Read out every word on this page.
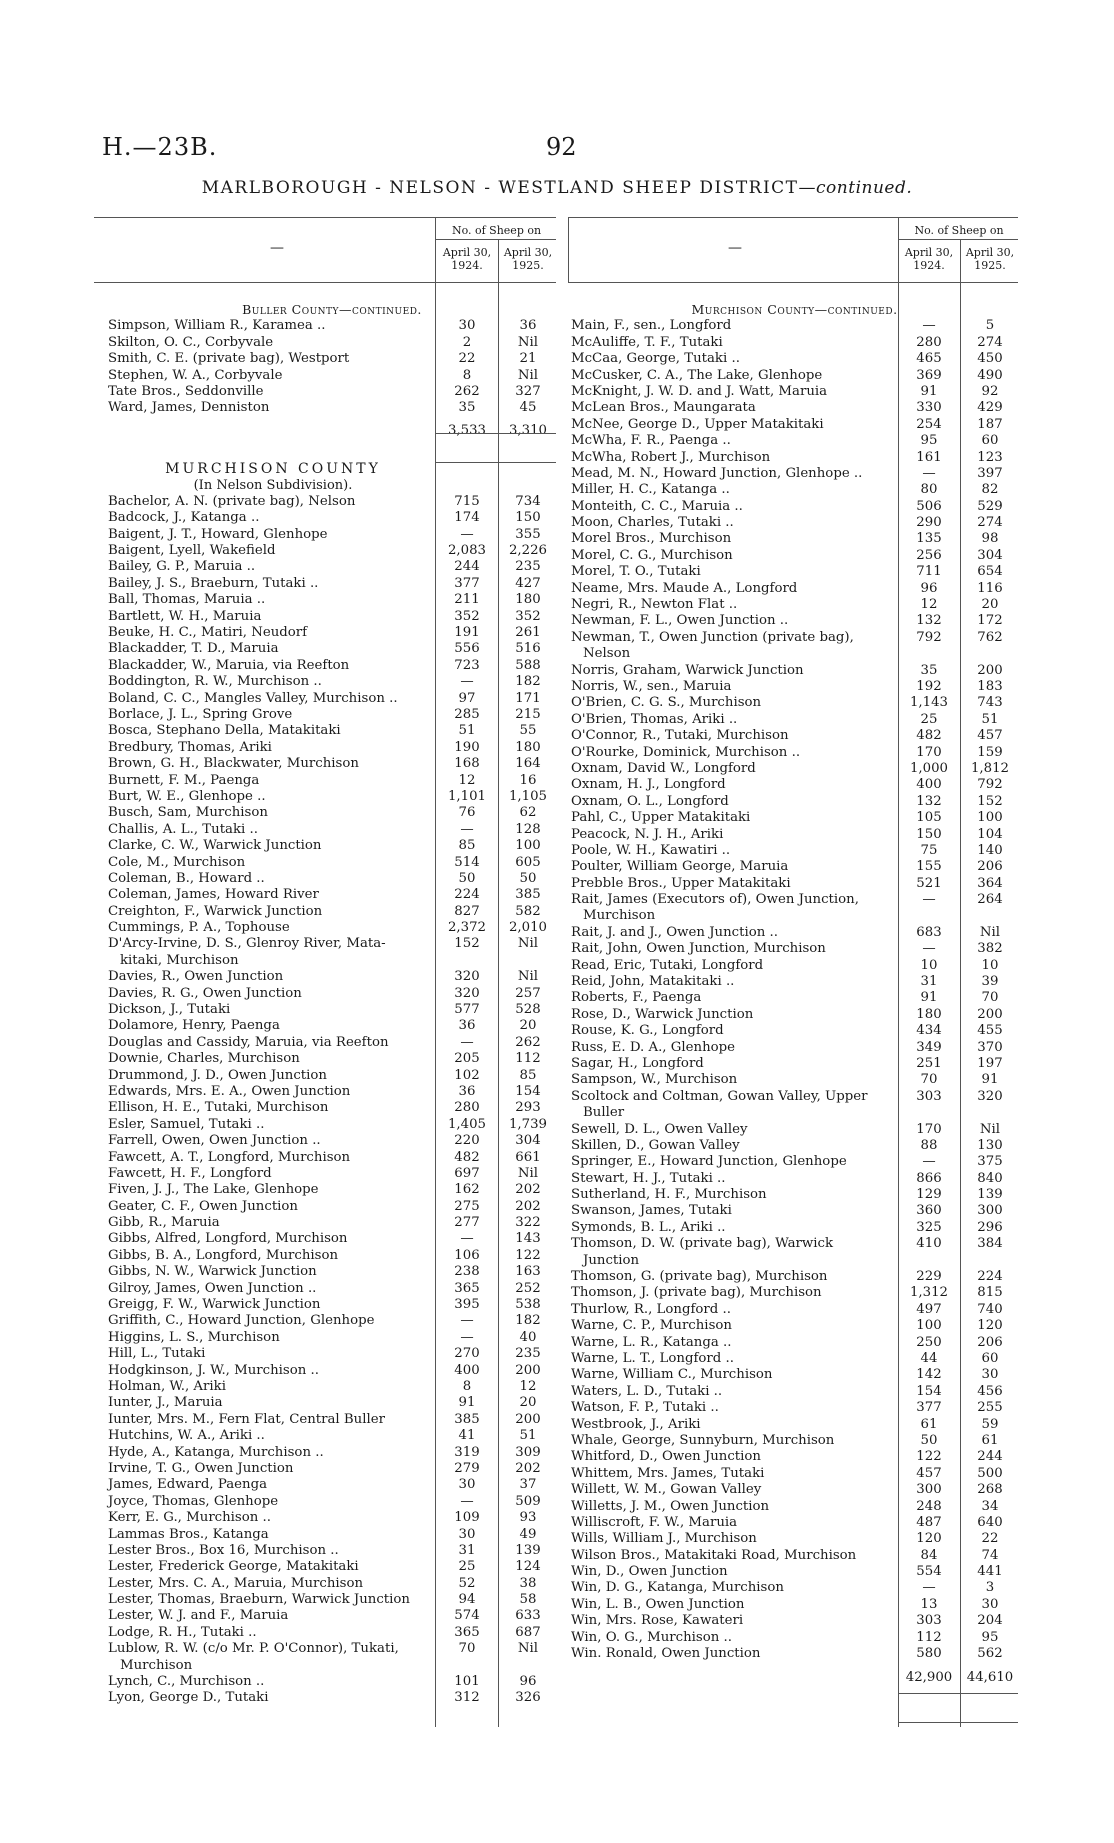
H.—23B.	92
MARLBOROUGH - NELSON - WESTLAND SHEEP DISTRICT—continued.
No. of Sheep on
April 30, 1924.
April 30, 1925.
—
No. of Sheep on
April 30, 1924.
April 30, 1925.
—
Buller County—continued.
Simpson, William R., Karamea ..	30	36
Skilton, O. C., Corbyvale	2	Nil
Smith, C. E. (private bag), Westport	22	21
Stephen, W. A., Corbyvale	8	Nil
Tate Bros., Seddonville	262	327
Ward, James, Denniston	35	45
3,533	3,310
MURCHISON COUNTY
(In Nelson Subdivision).
Bachelor, A. N. (private bag), Nelson	715	734
Badcock, J., Katanga ..	174	150
Baigent, J. T., Howard, Glenhope	—	355
Baigent, Lyell, Wakefield	2,083	2,226
Bailey, G. P., Maruia ..	244	235
Bailey, J. S., Braeburn, Tutaki ..	377	427
Ball, Thomas, Maruia ..	211	180
Bartlett, W. H., Maruia	352	352
Beuke, H. C., Matiri, Neudorf	191	261
Blackadder, T. D., Maruia	556	516
Blackadder, W., Maruia, via Reefton	723	588
Boddington, R. W., Murchison ..	—	182
Boland, C. C., Mangles Valley, Murchison ..	97	171
Borlace, J. L., Spring Grove	285	215
Bosca, Stephano Della, Matakitaki	51	55
Bredbury, Thomas, Ariki	190	180
Brown, G. H., Blackwater, Murchison	168	164
Burnett, F. M., Paenga	12	16
Burt, W. E., Glenhope ..	1,101	1,105
Busch, Sam, Murchison	76	62
Challis, A. L., Tutaki ..	—	128
Clarke, C. W., Warwick Junction	85	100
Cole, M., Murchison	514	605
Coleman, B., Howard ..	50	50
Coleman, James, Howard River	224	385
Creighton, F., Warwick Junction	827	582
Cummings, P. A., Tophouse	2,372	2,010
D'Arcy-Irvine, D. S., Glenroy River, Mata-	152	Nil
kitaki, Murchison
Davies, R., Owen Junction	320	Nil
Davies, R. G., Owen Junction	320	257
Dickson, J., Tutaki	577	528
Dolamore, Henry, Paenga	36	20
Douglas and Cassidy, Maruia, via Reefton	—	262
Downie, Charles, Murchison	205	112
Drummond, J. D., Owen Junction	102	85
Edwards, Mrs. E. A., Owen Junction	36	154
Ellison, H. E., Tutaki, Murchison	280	293
Esler, Samuel, Tutaki ..	1,405	1,739
Farrell, Owen, Owen Junction ..	220	304
Fawcett, A. T., Longford, Murchison	482	661
Fawcett, H. F., Longford	697	Nil
Fiven, J. J., The Lake, Glenhope	162	202
Geater, C. F., Owen Junction	275	202
Gibb, R., Maruia	277	322
Gibbs, Alfred, Longford, Murchison	—	143
Gibbs, B. A., Longford, Murchison	106	122
Gibbs, N. W., Warwick Junction	238	163
Gilroy, James, Owen Junction ..	365	252
Greigg, F. W., Warwick Junction	395	538
Griffith, C., Howard Junction, Glenhope	—	182
Higgins, L. S., Murchison	—	40
Hill, L., Tutaki	270	235
Hodgkinson, J. W., Murchison ..	400	200
Holman, W., Ariki	8	12
Iunter, J., Maruia	91	20
Iunter, Mrs. M., Fern Flat, Central Buller	385	200
Hutchins, W. A., Ariki ..	41	51
Hyde, A., Katanga, Murchison ..	319	309
Irvine, T. G., Owen Junction	279	202
James, Edward, Paenga	30	37
Joyce, Thomas, Glenhope	—	509
Kerr, E. G., Murchison ..	109	93
Lammas Bros., Katanga	30	49
Lester Bros., Box 16, Murchison ..	31	139
Lester, Frederick George, Matakitaki	25	124
Lester, Mrs. C. A., Maruia, Murchison	52	38
Lester, Thomas, Braeburn, Warwick Junction	94	58
Lester, W. J. and F., Maruia	574	633
Lodge, R. H., Tutaki ..	365	687
Lublow, R. W. (c/o Mr. P. O'Connor), Tukati,	70	Nil
Murchison
Lynch, C., Murchison ..	101	96
Lyon, George D., Tutaki	312	326
Murchison County—continued.
Main, F., sen., Longford	—	5
McAuliffe, T. F., Tutaki	280	274
McCaa, George, Tutaki ..	465	450
McCusker, C. A., The Lake, Glenhope	369	490
McKnight, J. W. D. and J. Watt, Maruia	91	92
McLean Bros., Maungarata	330	429
McNee, George D., Upper Matakitaki	254	187
McWha, F. R., Paenga ..	95	60
McWha, Robert J., Murchison	161	123
Mead, M. N., Howard Junction, Glenhope ..	—	397
Miller, H. C., Katanga ..	80	82
Monteith, C. C., Maruia ..	506	529
Moon, Charles, Tutaki ..	290	274
Morel Bros., Murchison	135	98
Morel, C. G., Murchison	256	304
Morel, T. O., Tutaki	711	654
Neame, Mrs. Maude A., Longford	96	116
Negri, R., Newton Flat ..	12	20
Newman, F. L., Owen Junction ..	132	172
Newman, T., Owen Junction (private bag),	792	762
Nelson
Norris, Graham, Warwick Junction	35	200
Norris, W., sen., Maruia	192	183
O'Brien, C. G. S., Murchison	1,143	743
O'Brien, Thomas, Ariki ..	25	51
O'Connor, R., Tutaki, Murchison	482	457
O'Rourke, Dominick, Murchison ..	170	159
Oxnam, David W., Longford	1,000	1,812
Oxnam, H. J., Longford	400	792
Oxnam, O. L., Longford	132	152
Pahl, C., Upper Matakitaki	105	100
Peacock, N. J. H., Ariki	150	104
Poole, W. H., Kawatiri ..	75	140
Poulter, William George, Maruia	155	206
Prebble Bros., Upper Matakitaki	521	364
Rait, James (Executors of), Owen Junction,	—	264
Murchison
Rait, J. and J., Owen Junction ..	683	Nil
Rait, John, Owen Junction, Murchison	—	382
Read, Eric, Tutaki, Longford	10	10
Reid, John, Matakitaki ..	31	39
Roberts, F., Paenga	91	70
Rose, D., Warwick Junction	180	200
Rouse, K. G., Longford	434	455
Russ, E. D. A., Glenhope	349	370
Sagar, H., Longford	251	197
Sampson, W., Murchison	70	91
Scoltock and Coltman, Gowan Valley, Upper	303	320
Buller
Sewell, D. L., Owen Valley	170	Nil
Skillen, D., Gowan Valley	88	130
Springer, E., Howard Junction, Glenhope	—	375
Stewart, H. J., Tutaki ..	866	840
Sutherland, H. F., Murchison	129	139
Swanson, James, Tutaki	360	300
Symonds, B. L., Ariki ..	325	296
Thomson, D. W. (private bag), Warwick	410	384
Junction
Thomson, G. (private bag), Murchison	229	224
Thomson, J. (private bag), Murchison	1,312	815
Thurlow, R., Longford ..	497	740
Warne, C. P., Murchison	100	120
Warne, L. R., Katanga ..	250	206
Warne, L. T., Longford ..	44	60
Warne, William C., Murchison	142	30
Waters, L. D., Tutaki ..	154	456
Watson, F. P., Tutaki ..	377	255
Westbrook, J., Ariki	61	59
Whale, George, Sunnyburn, Murchison	50	61
Whitford, D., Owen Junction	122	244
Whittem, Mrs. James, Tutaki	457	500
Willett, W. M., Gowan Valley	300	268
Willetts, J. M., Owen Junction	248	34
Williscroft, F. W., Maruia	487	640
Wills, William J., Murchison	120	22
Wilson Bros., Matakitaki Road, Murchison	84	74
Win, D., Owen Junction	554	441
Win, D. G., Katanga, Murchison	—	3
Win, L. B., Owen Junction	13	30
Win, Mrs. Rose, Kawateri	303	204
Win, O. G., Murchison ..	112	95
Win. Ronald, Owen Junction	580	562
42,900	44,610
